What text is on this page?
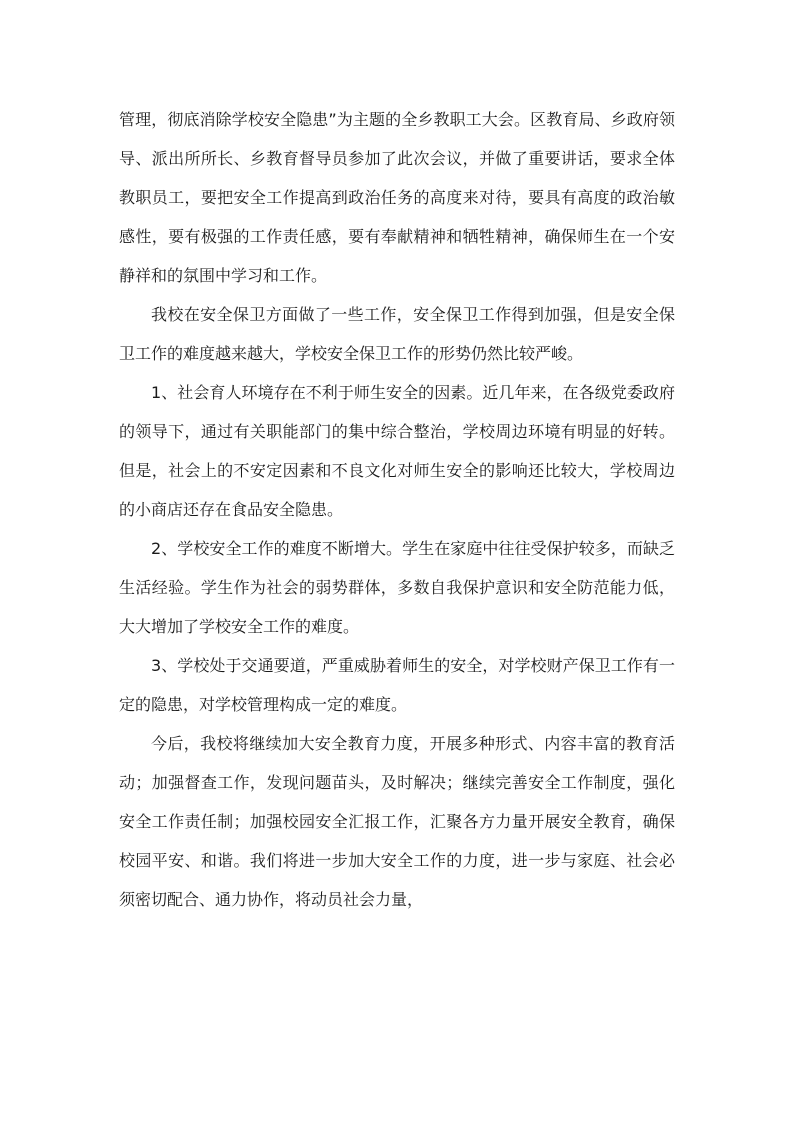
管理，彻底消除学校安全隐患”为主题的全乡教职工大会。区教育局、乡政府领导、派出所所长、乡教育督导员参加了此次会议，并做了重要讲话，要求全体教职员工，要把安全工作提高到政治任务的高度来对待，要具有高度的政治敏感性，要有极强的工作责任感，要有奉献精神和牺牲精神，确保师生在一个安静祥和的氛围中学习和工作。

我校在安全保卫方面做了一些工作，安全保卫工作得到加强，但是安全保卫工作的难度越来越大，学校安全保卫工作的形势仍然比较严峻。

1、社会育人环境存在不利于师生安全的因素。近几年来，在各级党委政府的领导下，通过有关职能部门的集中综合整治，学校周边环境有明显的好转。但是，社会上的不安定因素和不良文化对师生安全的影响还比较大，学校周边的小商店还存在食品安全隐患。

2、学校安全工作的难度不断增大。学生在家庭中往往受保护较多，而缺乏生活经验。学生作为社会的弱势群体，多数自我保护意识和安全防范能力低，大大增加了学校安全工作的难度。

3、学校处于交通要道，严重威胁着师生的安全，对学校财产保卫工作有一定的隐患，对学校管理构成一定的难度。

今后，我校将继续加大安全教育力度，开展多种形式、内容丰富的教育活动；加强督查工作，发现问题苗头，及时解决；继续完善安全工作制度，强化安全工作责任制；加强校园安全汇报工作，汇聚各方力量开展安全教育，确保校园平安、和谐。我们将进一步加大安全工作的力度，进一步与家庭、社会必须密切配合、通力协作，将动员社会力量，
